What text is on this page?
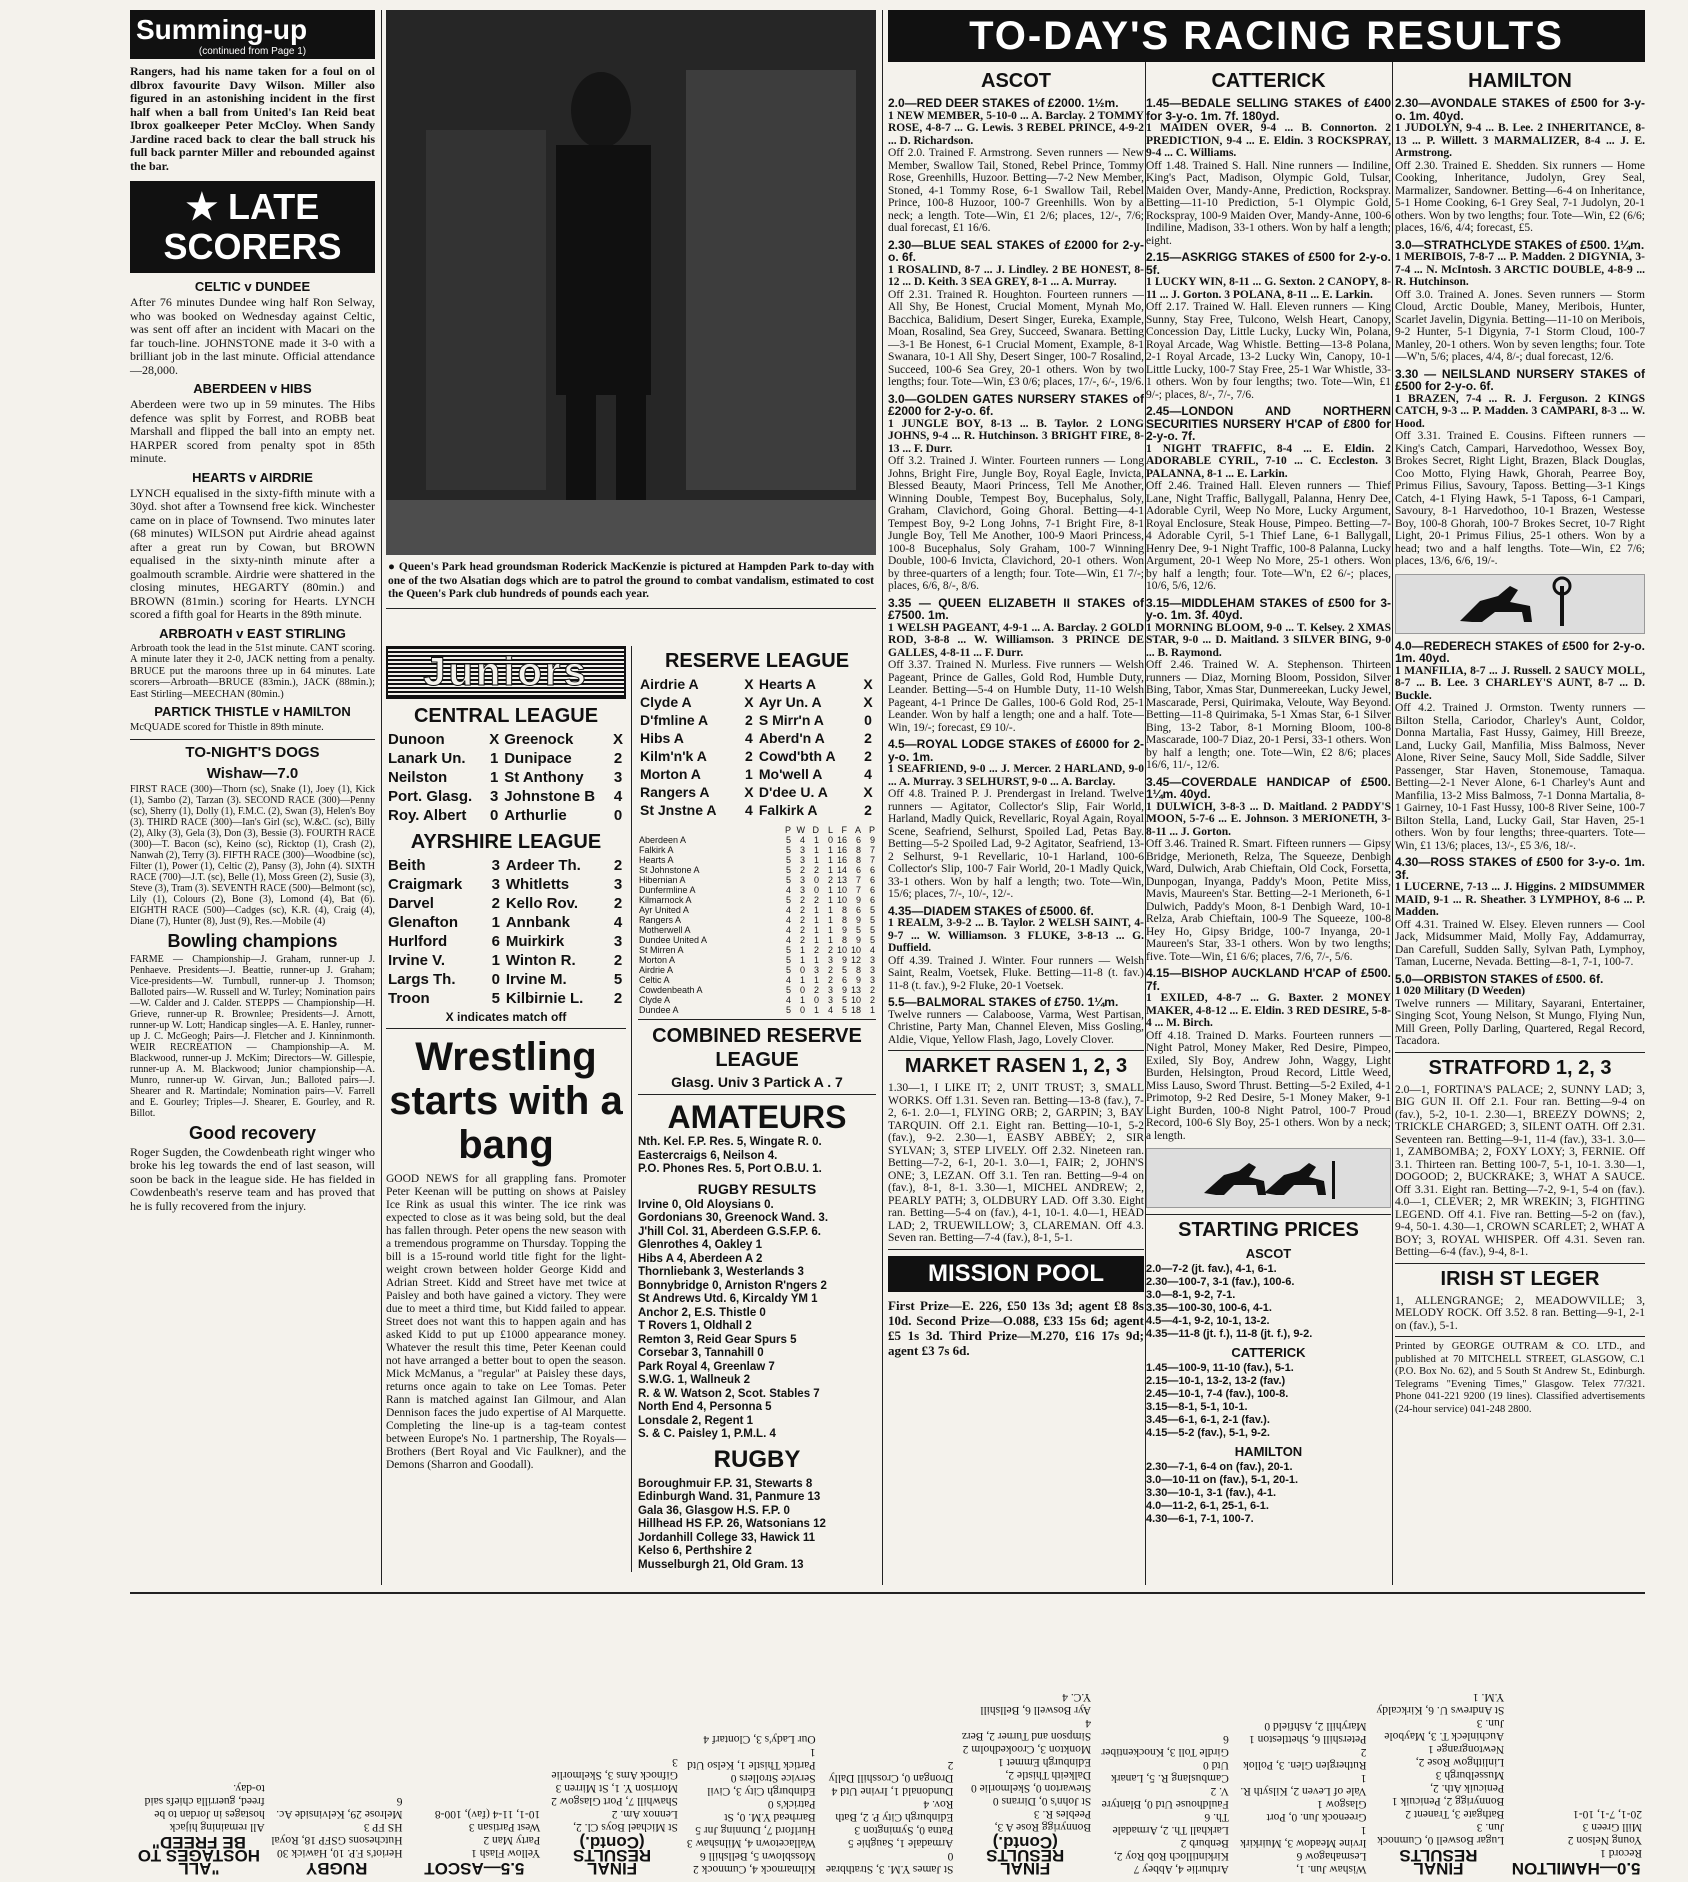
Summing-up
(continued from Page 1)

Rangers, had his name taken for a foul on ol dlbrox favourite Davy Wilson. Miller also figured in an astonishing incident in the first half when a ball from United's Ian Reid beat Ibrox goalkeeper Peter McCloy. When Sandy Jardine raced back to clear the ball struck his full back parnter Miller and rebounded against the bar.

★ LATE
SCORERS
CELTIC v DUNDEE

After 76 minutes Dundee wing half Ron Selway, who was booked on Wednesday against Celtic, was sent off after an incident with Macari on the far touch-line. JOHNSTONE made it 3-0 with a brilliant job in the last minute. Official attendance—28,000.

ABERDEEN v HIBS

Aberdeen were two up in 59 minutes. The Hibs defence was split by Forrest, and ROBB beat Marshall and flipped the ball into an empty net. HARPER scored from penalty spot in 85th minute.

HEARTS v AIRDRIE

LYNCH equalised in the sixty-fifth minute with a 30yd. shot after a Townsend free kick. Winchester came on in place of Townsend. Two minutes later (68 minutes) WILSON put Airdrie ahead against after a great run by Cowan, but BROWN equalised in the sixty-ninth minute after a goalmouth scramble. Airdrie were shattered in the closing minutes, HEGARTY (80min.) and BROWN (81min.) scoring for Hearts. LYNCH scored a fifth goal for Hearts in the 89th minute.

ARBROATH v EAST STIRLING

Arbroath took the lead in the 51st minute. CANT scoring. A minute later they it 2-0, JACK netting from a penalty. BRUCE put the maroons three up in 64 minutes. Late scorers—Arbroath—BRUCE (83min.), JACK (88min.); East Stirling—MEECHAN (80min.)

PARTICK THISTLE v HAMILTON

McQUADE scored for Thistle in 89th minute.

TO-NIGHT'S DOGS
Wishaw—7.0

FIRST RACE (300)—Thorn (sc), Snake (1), Joey (1), Kick (1), Sambo (2), Tarzan (3). SECOND RACE (300)—Penny (sc), Sherry (1), Dolly (1), F.M.C. (2), Swan (3), Helen's Boy (3). THIRD RACE (300)—Ian's Girl (sc), W.&C. (sc), Billy (2), Alky (3), Gela (3), Don (3), Bessie (3). FOURTH RACE (300)—T. Bacon (sc), Keino (sc), Ricktop (1), Crash (2), Nanwah (2), Terry (3). FIFTH RACE (300)—Woodbine (sc), Filter (1), Power (1), Celtic (2), Pansy (3), John (4). SIXTH RACE (700)—J.T. (sc), Belle (1), Moss Green (2), Susie (3), Steve (3), Tram (3). SEVENTH RACE (500)—Belmont (sc), Lily (1), Colours (2), Bone (3), Lomond (4), Bat (6). EIGHTH RACE (500)—Cadges (sc), K.R. (4), Craig (4), Diane (7), Hunter (8), Just (9), Res.—Mobile (4)

Bowling champions

FARME — Championship—J. Graham, runner-up J. Penhaeve. Presidents—J. Beattie, runner-up J. Graham; Vice-presidents—W. Turnbull, runner-up J. Thomson; Balloted pairs—W. Russell and W. Turley; Nomination pairs—W. Calder and J. Calder. STEPPS — Championship—H. Grieve, runner-up R. Brownlee; Presidents—J. Arnott, runner-up W. Lott; Handicap singles—A. E. Hanley, runner-up J. C. McGeogh; Pairs—J. Fletcher and J. Kinninmonth. WEIR RECREATION — Championship—A. M. Blackwood, runner-up J. McKim; Directors—W. Gillespie, runner-up A. M. Blackwood; Junior championship—A. Munro, runner-up W. Girvan, Jun.; Balloted pairs—J. Shearer and R. Martindale; Nomination pairs—V. Farrell and E. Gourley; Triples—J. Shearer, E. Gourley, and R. Billot.

Good recovery

Roger Sugden, the Cowdenbeath right winger who broke his leg towards the end of last season, will soon be back in the league side. He has fielded in Cowdenbeath's reserve team and has proved that he is fully recovered from the injury.

● Queen's Park head groundsman Roderick MacKenzie is pictured at Hampden Park to-day with one of the two Alsatian dogs which are to patrol the ground to combat vandalism, estimated to cost the Queen's Park club hundreds of pounds each year.

Juniors
CENTRAL LEAGUE
Dunoon	X	Greenock	X
Lanark Un.	1	Dunipace	2
Neilston	1	St Anthony	3
Port. Glasg.	3	Johnstone B	4
Roy. Albert	0	Arthurlie	0
AYRSHIRE LEAGUE
Beith	3	Ardeer Th.	2
Craigmark	3	Whitletts	3
Darvel	2	Kello Rov.	2
Glenafton	1	Annbank	4
Hurlford	6	Muirkirk	3
Irvine V.	1	Winton R.	2
Largs Th.	0	Irvine M.	5
Troon	5	Kilbirnie L.	2
X indicates match off
Wrestling starts with a bang

GOOD NEWS for all grappling fans. Promoter Peter Keenan will be putting on shows at Paisley Ice Rink as usual this winter. The ice rink was expected to close as it was being sold, but the deal has fallen through. Peter opens the new season with a tremendous programme on Thursday. Topping the bill is a 15-round world title fight for the light-weight crown between holder George Kidd and Adrian Street. Kidd and Street have met twice at Paisley and both have gained a victory. They were due to meet a third time, but Kidd failed to appear. Street does not want this to happen again and has asked Kidd to put up £1000 appearance money. Whatever the result this time, Peter Keenan could not have arranged a better bout to open the season. Mick McManus, a "regular" at Paisley these days, returns once again to take on Lee Tomas. Peter Rann is matched against Ian Gilmour, and Alan Dennison faces the judo expertise of Al Marquette. Completing the line-up is a tag-team contest between Europe's No. 1 partnership, The Royals—Brothers (Bert Royal and Vic Faulkner), and the Demons (Sharron and Goodall).

RESERVE LEAGUE
Airdrie A	X	Hearts A	X
Clyde A	X	Ayr Un. A	X
D'fmline A	2	S Mirr'n A	0
Hibs A	4	Aberd'n A	2
Kilm'n'k A	2	Cowd'bth A	2
Morton A	1	Mo'well A	4
Rangers A	X	D'dee U. A	X
St Jnstne A	4	Falkirk A	2
	P	W	D	L	F	A	P
Aberdeen A	5	4	1	0	16	6	9
Falkirk A	5	3	1	1	16	8	7
Hearts A	5	3	1	1	16	8	7
St Johnstone A	5	2	2	1	14	6	6
Hibernian A	5	3	0	2	13	7	6
Dunfermline A	4	3	0	1	10	7	6
Kilmarnock A	5	2	2	1	10	9	6
Ayr United A	4	2	1	1	8	6	5
Rangers A	4	2	1	1	8	9	5
Motherwell A	4	2	1	1	9	5	5
Dundee United A	4	2	1	1	8	9	5
St Mirren A	5	1	2	2	10	10	4
Morton A	5	1	1	3	9	12	3
Airdrie A	5	0	3	2	5	8	3
Celtic A	4	1	1	2	6	9	3
Cowdenbeath A	5	0	2	3	9	13	2
Clyde A	4	1	0	3	5	10	2
Dundee A	5	0	1	4	5	18	1
COMBINED RESERVE LEAGUE
Glasg. Univ 3 Partick A . 7
AMATEURS
Nth. Kel. F.P. Res. 5, Wingate R. 0.
Eastercraigs 6, Neilson 4.
P.O. Phones Res. 5, Port O.B.U. 1.
RUGBY RESULTS
Irvine 0, Old Aloysians 0.
Gordonians 30, Greenock Wand. 3.
J'hill Col. 31, Aberdeen G.S.F.P. 6.
Glenrothes 4, Oakley 1
Hibs A 4, Aberdeen A 2
Thornliebank 3, Westerlands 3
Bonnybridge 0, Arniston R'ngers 2
St Andrews Utd. 6, Kircaldy YM 1
Anchor 2, E.S. Thistle 0
T Rovers 1, Oldhall 2
Remton 3, Reid Gear Spurs 5
Corsebar 3, Tannahill 0
Park Royal 4, Greenlaw 7
S.W.G. 1, Wallneuk 2
R. & W. Watson 2, Scot. Stables 7
North End 4, Personna 5
Lonsdale 2, Regent 1
S. & C. Paisley 1, P.M.L. 4
RUGBY
Boroughmuir F.P. 31, Stewarts 8
Edinburgh Wand. 31, Panmure 13
Gala 36, Glasgow H.S. F.P. 0
Hillhead HS F.P. 26, Watsonians 12
Jordanhill College 33, Hawick 11
Kelso 6, Perthshire 2
Musselburgh 21, Old Gram. 13
TO-DAY'S RACING RESULTS
ASCOT
2.0—RED DEER STAKES of £2000. 1½m.
1 NEW MEMBER, 5-10-0 ... A. Barclay. 2 TOMMY ROSE, 4-8-7 ... G. Lewis. 3 REBEL PRINCE, 4-9-2 ... D. Richardson.
Off 2.0. Trained F. Armstrong. Seven runners — New Member, Swallow Tail, Stoned, Rebel Prince, Tommy Rose, Greenhills, Huzoor. Betting—7-2 New Member, Stoned, 4-1 Tommy Rose, 6-1 Swallow Tail, Rebel Prince, 100-8 Huzoor, 100-7 Greenhills. Won by a neck; a length. Tote—Win, £1 2/6; places, 12/-, 7/6; dual forecast, £1 16/6.
2.30—BLUE SEAL STAKES of £2000 for 2-y-o. 6f.
1 ROSALIND, 8-7 ... J. Lindley. 2 BE HONEST, 8-12 ... D. Keith. 3 SEA GREY, 8-1 ... A. Murray.
Off 2.31. Trained R. Houghton. Fourteen runners — All Shy, Be Honest, Crucial Moment, Mynah Mo, Bacchica, Balidium, Desert Singer, Eureka, Example, Moan, Rosalind, Sea Grey, Succeed, Swanara. Betting—3-1 Be Honest, 6-1 Crucial Moment, Example, 8-1 Swanara, 10-1 All Shy, Desert Singer, 100-7 Rosalind, Succeed, 100-6 Sea Grey, 20-1 others. Won by two lengths; four. Tote—Win, £3 0/6; places, 17/-, 6/-, 19/6.
3.0—GOLDEN GATES NURSERY STAKES of £2000 for 2-y-o. 6f.
1 JUNGLE BOY, 8-13 ... B. Taylor. 2 LONG JOHNS, 9-4 ... R. Hutchinson. 3 BRIGHT FIRE, 8-13 ... F. Durr.
Off 3.2. Trained J. Winter. Fourteen runners — Long Johns, Bright Fire, Jungle Boy, Royal Eagle, Invicta, Blessed Beauty, Maori Princess, Tell Me Another, Winning Double, Tempest Boy, Bucephalus, Soly, Graham, Clavichord, Going Ghoral. Betting—4-1 Tempest Boy, 9-2 Long Johns, 7-1 Bright Fire, 8-1 Jungle Boy, Tell Me Another, 100-9 Maori Princess, 100-8 Bucephalus, Soly Graham, 100-7 Winning Double, 100-6 Invicta, Clavichord, 20-1 others. Won by three-quarters of a length; four. Tote—Win, £1 7/-; places, 6/6, 8/-, 8/6.
3.35 — QUEEN ELIZABETH II STAKES of £7500. 1m.
1 WELSH PAGEANT, 4-9-1 ... A. Barclay. 2 GOLD ROD, 3-8-8 ... W. Williamson. 3 PRINCE DE GALLES, 4-8-11 ... F. Durr.
Off 3.37. Trained N. Murless. Five runners — Welsh Pageant, Prince de Galles, Gold Rod, Humble Duty, Leander. Betting—5-4 on Humble Duty, 11-10 Welsh Pageant, 4-1 Prince De Galles, 100-6 Gold Rod, 25-1 Leander. Won by half a length; one and a half. Tote—Win, 19/-; forecast, £9 10/-.
4.5—ROYAL LODGE STAKES of £6000 for 2-y-o. 1m.
1 SEAFRIEND, 9-0 ... J. Mercer. 2 HARLAND, 9-0 ... A. Murray. 3 SELHURST, 9-0 ... A. Barclay.
Off 4.8. Trained P. J. Prendergast in Ireland. Twelve runners — Agitator, Collector's Slip, Fair World, Harland, Madly Quick, Revellaric, Royal Again, Royal Scene, Seafriend, Selhurst, Spoiled Lad, Petas Bay. Betting—5-2 Spoiled Lad, 9-2 Agitator, Seafriend, 13-2 Selhurst, 9-1 Revellaric, 10-1 Harland, 100-6 Collector's Slip, 100-7 Fair World, 20-1 Madly Quick, 33-1 others. Won by half a length; two. Tote—Win, 15/6; places, 7/-, 10/-, 12/-.
4.35—DIADEM STAKES of £5000. 6f.
1 REALM, 3-9-2 ... B. Taylor. 2 WELSH SAINT, 4-9-7 ... W. Williamson. 3 FLUKE, 3-8-13 ... G. Duffield.
Off 4.39. Trained J. Winter. Four runners — Welsh Saint, Realm, Voetsek, Fluke. Betting—11-8 (t. fav.) 11-8 (t. fav.), 9-2 Fluke, 20-1 Voetsek.
5.5—BALMORAL STAKES of £750. 1¼m.
Twelve runners — Calaboose, Varma, West Partisan, Christine, Party Man, Channel Eleven, Miss Gosling, Aldie, Vique, Yellow Flash, Jago, Lovely Clover.
MARKET RASEN 1, 2, 3
1.30—1, I LIKE IT; 2, UNIT TRUST; 3, SMALL WORKS. Off 1.31. Seven ran. Betting—13-8 (fav.), 7-2, 6-1. 2.0—1, FLYING ORB; 2, GARPIN; 3, BAY TARQUIN. Off 2.1. Eight ran. Betting—10-1, 5-2 (fav.), 9-2. 2.30—1, EASBY ABBEY; 2, SIR SYLVAN; 3, STEP LIVELY. Off 2.32. Nineteen ran. Betting—7-2, 6-1, 20-1. 3.0—1, FAIR; 2, JOHN'S ONE; 3, LEZAN. Off 3.1. Ten ran. Betting—9-4 on (fav.), 8-1, 8-1. 3.30—1, MICHEL ANDREW; 2, PEARLY PATH; 3, OLDBURY LAD. Off 3.30. Eight ran. Betting—5-4 on (fav.), 4-1, 10-1. 4.0—1, HEAD LAD; 2, TRUEWILLOW; 3, CLAREMAN. Off 4.3. Seven ran. Betting—7-4 (fav.), 8-1, 5-1.
MISSION POOL
First Prize—E. 226, £50 13s 3d; agent £8 8s 10d. Second Prize—O.088, £33 15s 6d; agent £5 1s 3d. Third Prize—M.270, £16 17s 9d; agent £3 7s 6d.
CATTERICK
1.45—BEDALE SELLING STAKES of £400 for 3-y-o. 1m. 7f. 180yd.
1 MAIDEN OVER, 9-4 ... B. Connorton. 2 PREDICTION, 9-4 ... E. Eldin. 3 ROCKSPRAY, 9-4 ... C. Williams.
Off 1.48. Trained S. Hall. Nine runners — Indiline, King's Pact, Madison, Olympic Gold, Tulsar, Maiden Over, Mandy-Anne, Prediction, Rockspray. Betting—11-10 Prediction, 5-1 Olympic Gold, Rockspray, 100-9 Maiden Over, Mandy-Anne, 100-6 Indiline, Madison, 33-1 others. Won by half a length; eight.
2.15—ASKRIGG STAKES of £500 for 2-y-o. 5f.
1 LUCKY WIN, 8-11 ... G. Sexton. 2 CANOPY, 8-11 ... J. Gorton. 3 POLANA, 8-11 ... E. Larkin.
Off 2.17. Trained W. Hall. Eleven runners — King Sunny, Stay Free, Tulcono, Welsh Heart, Canopy, Concession Day, Little Lucky, Lucky Win, Polana, Royal Arcade, Wag Whistle. Betting—13-8 Polana, 2-1 Royal Arcade, 13-2 Lucky Win, Canopy, 10-1 Little Lucky, 100-7 Stay Free, 25-1 War Whistle, 33-1 others. Won by four lengths; two. Tote—Win, £1 9/-; places, 8/-, 7/-, 7/6.
2.45—LONDON AND NORTHERN SECURITIES NURSERY H'CAP of £800 for 2-y-o. 7f.
1 NIGHT TRAFFIC, 8-4 ... E. Eldin. 2 ADORABLE CYRIL, 7-10 ... C. Eccleston. 3 PALANNA, 8-1 ... E. Larkin.
Off 2.46. Trained Hall. Eleven runners — Thief Lane, Night Traffic, Ballygall, Palanna, Henry Dee, Adorable Cyril, Weep No More, Lucky Argument, Royal Enclosure, Steak House, Pimpeo. Betting—7-4 Adorable Cyril, 5-1 Thief Lane, 6-1 Ballygall, Henry Dee, 9-1 Night Traffic, 100-8 Palanna, Lucky Argument, 20-1 Weep No More, 25-1 others. Won by half a length; four. Tote—W'n, £2 6/-; places, 10/6, 5/6, 12/6.
3.15—MIDDLEHAM STAKES of £500 for 3-y-o. 1m. 3f. 40yd.
1 MORNING BLOOM, 9-0 ... T. Kelsey. 2 XMAS STAR, 9-0 ... D. Maitland. 3 SILVER BING, 9-0 ... B. Raymond.
Off 2.46. Trained W. A. Stephenson. Thirteen runners — Diaz, Morning Bloom, Possidon, Silver Bing, Tabor, Xmas Star, Dunmereekan, Lucky Jewel, Mascarade, Persi, Quirimaka, Veloute, Way Beyond. Betting—11-8 Quirimaka, 5-1 Xmas Star, 6-1 Silver Bing, 13-2 Tabor, 8-1 Morning Bloom, 100-8 Mascarade, 100-7 Diaz, 20-1 Persi, 33-1 others. Won by half a length; one. Tote—Win, £2 8/6; places 16/6, 11/-, 12/6.
3.45—COVERDALE HANDICAP of £500. 1¼m. 40yd.
1 DULWICH, 3-8-3 ... D. Maitland. 2 PADDY'S MOON, 5-7-6 ... E. Johnson. 3 MERIONETH, 3-8-11 ... J. Gorton.
Off 3.46. Trained R. Smart. Fifteen runners — Gipsy Bridge, Merioneth, Relza, The Squeeze, Denbigh Ward, Dulwich, Arab Chieftain, Old Cock, Forsetta, Dunpogan, Inyanga, Paddy's Moon, Petite Miss, Mavis, Maureen's Star. Betting—2-1 Merioneth, 6-1 Dulwich, Paddy's Moon, 8-1 Denbigh Ward, 10-1 Relza, Arab Chieftain, 100-9 The Squeeze, 100-8 Hey Ho, Gipsy Bridge, 100-7 Inyanga, 20-1 Maureen's Star, 33-1 others. Won by two lengths; five. Tote—Win, £1 6/6; places, 7/6, 7/-, 5/6.
4.15—BISHOP AUCKLAND H'CAP of £500. 7f.
1 EXILED, 4-8-7 ... G. Baxter. 2 MONEY MAKER, 4-8-12 ... E. Eldin. 3 RED DESIRE, 5-8-4 ... M. Birch.
Off 4.18. Trained D. Marks. Fourteen runners — Night Patrol, Money Maker, Red Desire, Pimpeo, Exiled, Sly Boy, Andrew John, Waggy, Light Burden, Helsington, Proud Record, Little Weed, Miss Lauso, Sword Thrust. Betting—5-2 Exiled, 4-1 Primotop, 9-2 Red Desire, 5-1 Money Maker, 9-1 Light Burden, 100-8 Night Patrol, 100-7 Proud Record, 100-6 Sly Boy, 25-1 others. Won by a neck; a length.
STARTING PRICES
ASCOT
2.0—7-2 (jt. fav.), 4-1, 6-1.
2.30—100-7, 3-1 (fav.), 100-6.
3.0—8-1, 9-2, 7-1.
3.35—100-30, 100-6, 4-1.
4.5—4-1, 9-2, 10-1, 13-2.
4.35—11-8 (jt. f.), 11-8 (jt. f.), 9-2.
CATTERICK
1.45—100-9, 11-10 (fav.), 5-1.
2.15—10-1, 13-2, 13-2 (fav.)
2.45—10-1, 7-4 (fav.), 100-8.
3.15—8-1, 5-1, 10-1.
3.45—6-1, 6-1, 2-1 (fav.).
4.15—5-2 (fav.), 5-1, 9-2.
HAMILTON
2.30—7-1, 6-4 on (fav.), 20-1.
3.0—10-11 on (fav.), 5-1, 20-1.
3.30—10-1, 3-1 (fav.), 4-1.
4.0—11-2, 6-1, 25-1, 6-1.
4.30—6-1, 7-1, 100-7.
HAMILTON
2.30—AVONDALE STAKES of £500 for 3-y-o. 1m. 40yd.
1 JUDOLYN, 9-4 ... B. Lee. 2 INHERITANCE, 8-13 ... P. Willett. 3 MARMALIZER, 8-4 ... J. E. Armstrong.
Off 2.30. Trained E. Shedden. Six runners — Home Cooking, Inheritance, Judolyn, Grey Seal, Marmalizer, Sandowner. Betting—6-4 on Inheritance, 5-1 Home Cooking, 6-1 Grey Seal, 7-1 Judolyn, 20-1 others. Won by two lengths; four. Tote—Win, £2 (6/6; places, 16/6, 4/4; forecast, £5.
3.0—STRATHCLYDE STAKES of £500. 1¼m.
1 MERIBOIS, 7-8-7 ... P. Madden. 2 DIGYNIA, 3-7-4 ... N. McIntosh. 3 ARCTIC DOUBLE, 4-8-9 ... R. Hutchinson.
Off 3.0. Trained A. Jones. Seven runners — Storm Cloud, Arctic Double, Maney, Meribois, Hunter, Scarlet Javelin, Digynia. Betting—11-10 on Meribois, 9-2 Hunter, 5-1 Digynia, 7-1 Storm Cloud, 100-7 Manley, 20-1 others. Won by seven lengths; four. Tote—W'n, 5/6; places, 4/4, 8/-; dual forecast, 12/6.
3.30 — NEILSLAND NURSERY STAKES of £500 for 2-y-o. 6f.
1 BRAZEN, 7-4 ... R. J. Ferguson. 2 KINGS CATCH, 9-3 ... P. Madden. 3 CAMPARI, 8-3 ... W. Hood.
Off 3.31. Trained E. Cousins. Fifteen runners — King's Catch, Campari, Harvedothoo, Wessex Boy, Brokes Secret, Right Light, Brazen, Black Douglas, Coo Motto, Flying Hawk, Ghorah, Pearree Boy, Primus Filius, Savoury, Taposs. Betting—3-1 Kings Catch, 4-1 Flying Hawk, 5-1 Taposs, 6-1 Campari, Savoury, 8-1 Harvedothoo, 10-1 Brazen, Westesse Boy, 100-8 Ghorah, 100-7 Brokes Secret, 10-7 Right Light, 20-1 Primus Filius, 25-1 others. Won by a head; two and a half lengths. Tote—Win, £2 7/6; places, 13/6, 6/6, 19/-.
4.0—REDERECH STAKES of £500 for 2-y-o. 1m. 40yd.
1 MANFILIA, 8-7 ... J. Russell. 2 SAUCY MOLL, 8-7 ... B. Lee. 3 CHARLEY'S AUNT, 8-7 ... D. Buckle.
Off 4.2. Trained J. Ormston. Twenty runners — Bilton Stella, Cariodor, Charley's Aunt, Coldor, Donna Martalia, Fast Hussy, Gaimey, Hill Breeze, Land, Lucky Gail, Manfilia, Miss Balmoss, Never Alone, River Seine, Saucy Moll, Side Saddle, Silver Passenger, Star Haven, Stonemouse, Tamaqua. Betting—2-1 Never Alone, 6-1 Charley's Aunt and Manfilia, 13-2 Miss Balmoss, 7-1 Donna Martalia, 8-1 Gairney, 10-1 Fast Hussy, 100-8 River Seine, 100-7 Bilton Stella, Land, Lucky Gail, Star Haven, 25-1 others. Won by four lengths; three-quarters. Tote—Win, £1 13/6; places, 13/-, £5 3/6, 18/-.
4.30—ROSS STAKES of £500 for 3-y-o. 1m. 3f.
1 LUCERNE, 7-13 ... J. Higgins. 2 MIDSUMMER MAID, 9-1 ... R. Sheather. 3 LYMPHOY, 8-6 ... P. Madden.
Off 4.31. Trained W. Elsey. Eleven runners — Cool Jack, Midsummer Maid, Molly Fay, Addamurray, Dan Carefull, Sudden Sally, Sylvan Path, Lymphoy, Taman, Lucerne, Nevada. Betting—8-1, 7-1, 100-7.
5.0—ORBISTON STAKES of £500. 6f.
1 020 Military (D Weeden)
Twelve runners — Military, Sayarani, Entertainer, Singing Scot, Young Nelson, St Mungo, Flying Nun, Mill Green, Polly Darling, Quartered, Regal Record, Tacadora.
STRATFORD 1, 2, 3
2.0—1, FORTINA'S PALACE; 2, SUNNY LAD; 3, BIG GUN II. Off 2.1. Four ran. Betting—9-4 on (fav.), 5-2, 10-1. 2.30—1, BREEZY DOWNS; 2, TRICKLE CHARGED; 3, SILENT OATH. Off 2.31. Seventeen ran. Betting—9-1, 11-4 (fav.), 33-1. 3.0—1, ZAMBOMBA; 2, FOXY LOXY; 3, FERNIE. Off 3.1. Thirteen ran. Betting 100-7, 5-1, 10-1. 3.30—1, DOGOOD; 2, BUCKRAKE; 3, WHAT A SAUCE. Off 3.31. Eight ran. Betting—7-2, 9-1, 5-4 on (fav.). 4.0—1, CLEVER; 2, MR WREKIN; 3, FIGHTING LEGEND. Off 4.1. Five ran. Betting—5-2 on (fav.), 9-4, 50-1. 4.30—1, CROWN SCARLET; 2, WHAT A BOY; 3, ROYAL WHISPER. Off 4.31. Seven ran. Betting—6-4 (fav.), 9-4, 8-1.
IRISH ST LEGER
1, ALLENGRANGE; 2, MEADOWVILLE; 3, MELODY ROCK. Off 3.52. 8 ran. Betting—9-1, 2-1 on (fav.), 5-1.
Printed by GEORGE OUTRAM & CO. LTD., and published at 70 MITCHELL STREET, GLASGOW, C.1 (P.O. Box No. 62), and 5 South St Andrew St., Edinburgh. Telegrams "Evening Times," Glasgow. Telex 77/321. Phone 041-221 9200 (19 lines). Classified advertisements (24-hour service) 041-248 2800.
5.0—HAMILTON
Record 1
Young Nelson 2
Mill Green 3
20-1, 7-1, 10-1
FINAL RESULTS
Lugar Boswell 0, Cumnock Jun. 3
Bathgate 3, Tranent 2
Bonnyrigg 2, Penicuik 1
Penicuik Ath. 2, Musselburgh 3
Linlithgow Rose 2, Newtongrange 1
Auchinleck T. 3, Maybole Jun. 3
St Andrews U. 6, Kirkcaldy Y.M. 1
Wishaw Jun. 1, Lesmahagow 6
Irvine Meadow 3, Muirkirk 1
Greenock Jun. 0, Port Glasgow 1
Vale of Leven 2, Kilsyth R. 1
Rutherglen Glen. 3, Pollok 2
Petershill 6, Shettleston 1
Maryhill 2, Ashfield 0
Arthurlie 4, Abbey 7
Kirkintilloch Rob Roy 2, Benburb 2
Larkhall Th. 2, Armadale Th. 6
Fauldhouse Utd 0, Blantyre V. 2
Cambuslang R. 5, Lanark Utd 0
Girdle Toll 3, Knockentiber 6
FINAL RESULTS (Contd.)
Bonnyrigg Rose A 3, Peebles R. 3
St John's 0, Dirrans 0
Stewarton 0, Skelmorlie 0
Dalkeith Thistle 2, Edinburgh Emmet 1
Monkton 3, Crookedholm 2
Simpson and Turner 2, Berz 4
Ayr Boswell 6, Bellshill Y.C. 4
St James Y.M. 3, Strathbrae 0
Armadale 1, Saughie 5
Patna 0, Symington 3
Edinburgh City P. 2, Bath Rov. 4
Dundonald 1, Irvine Utd 4
Drongan 0, Crosshill Dally 2
Kilmarnock 4, Cumnock 2
Mossblown 5, Bellshill 6
Wallacetown 4, Milnshaw 3
Hurlford 7, Dunning Jnr 5
Barrhead Y.M. 0, St Patrick's 0
Edinburgh City 3, Civil Service Strollers 0
Partick Thistle 1, Kelso Utd 1
Our Lady's 3, Clontarf 4
FINAL RESULTS (Contd.)
St Michael Boys Cl. 2, Lennox Am. 2
Shawhill 7, Port Glasgow 2
Morrison Y. 1, St Mirren 3
Gifnock Ams 3, Skelmorlie 3
5.5—ASCOT
Yellow Flash 1
Party Man 2
West Partisan 3
10-1, 11-4 (fav), 100-8
RUGBY
Heriot's F.P. 10, Hawick 30
Hutchesons GSFP 18, Royal HS FP 3
Melrose 29, Kelvinside Ac. 6
"ALL HOSTAGES TO BE FREED"
All remaining hijack hostages in Jordan to be freed, guerrilla chiefs said to-day.
